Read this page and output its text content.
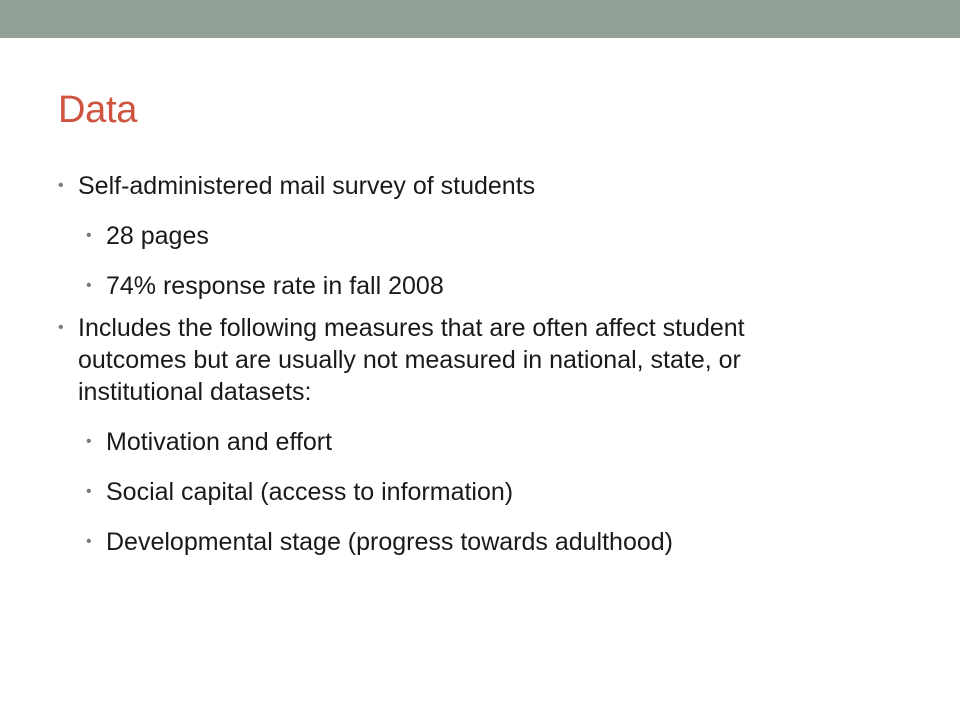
Data
• Self-administered mail survey of students
• 28 pages
• 74% response rate in fall 2008
• Includes the following measures that are often affect student outcomes but are usually not measured in national, state, or institutional datasets:
• Motivation and effort
• Social capital (access to information)
• Developmental stage (progress towards adulthood)
